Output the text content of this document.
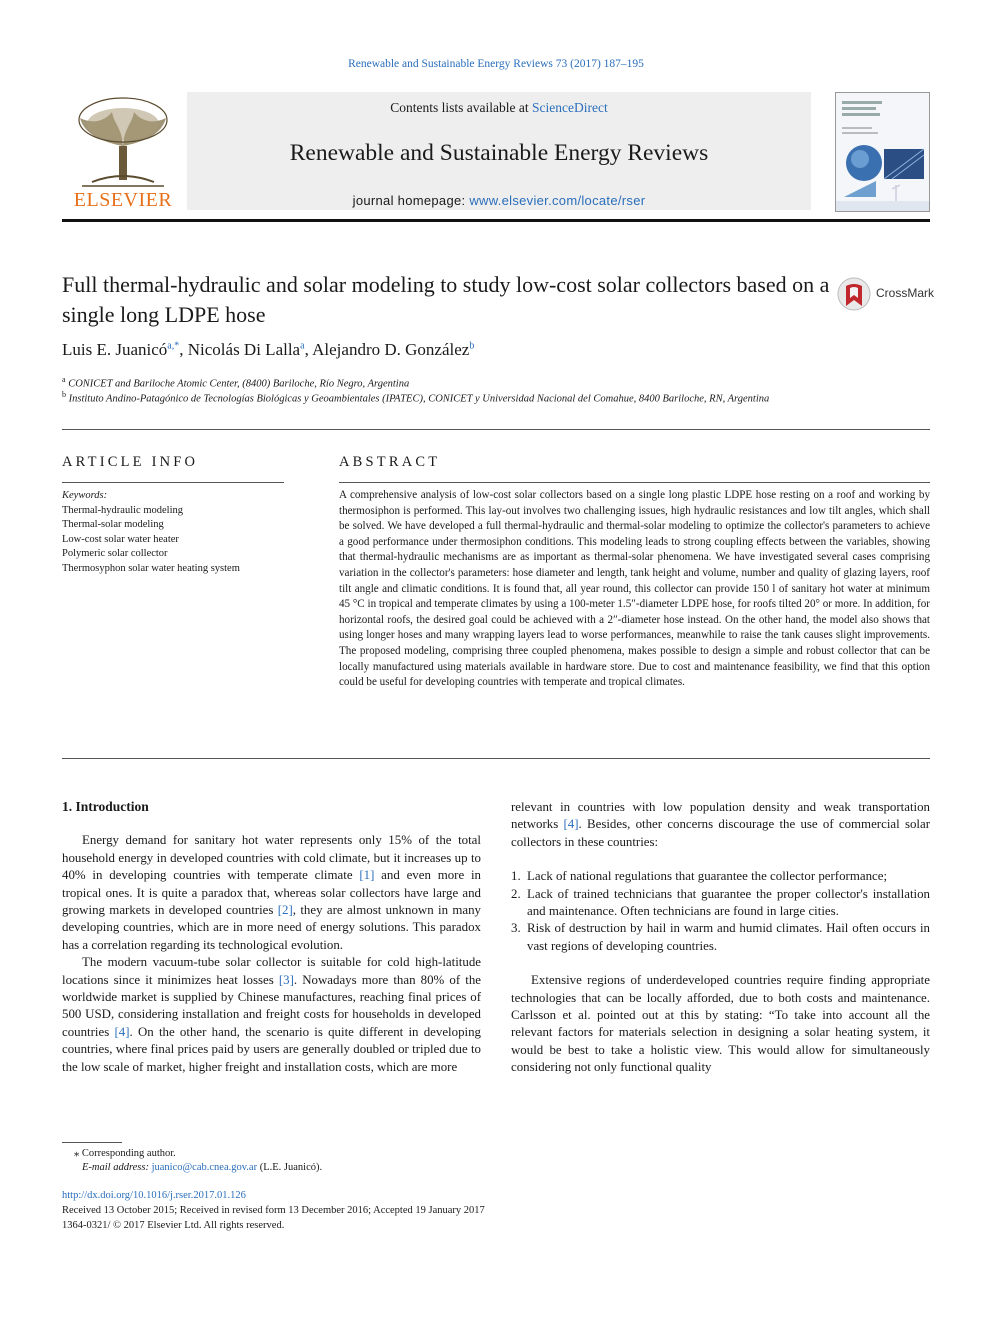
Renewable and Sustainable Energy Reviews 73 (2017) 187–195
ELSEVIER
Contents lists available at ScienceDirect
Renewable and Sustainable Energy Reviews
journal homepage: www.elsevier.com/locate/rser
Full thermal-hydraulic and solar modeling to study low-cost solar collectors based on a single long LDPE hose
CrossMark
Luis E. Juanicó$^{a,*}$, Nicolás Di Lalla$^a$, Alejandro D. González$^b$
$^a$ CONICET and Bariloche Atomic Center, (8400) Bariloche, Río Negro, Argentina
$^b$ Instituto Andino-Patagónico de Tecnologías Biológicas y Geoambientales (IPATEC), CONICET y Universidad Nacional del Comahue, 8400 Bariloche, RN, Argentina
ARTICLE INFO
Keywords:
Thermal-hydraulic modeling
Thermal-solar modeling
Low-cost solar water heater
Polymeric solar collector
Thermosyphon solar water heating system
ABSTRACT
A comprehensive analysis of low-cost solar collectors based on a single long plastic LDPE hose resting on a roof and working by thermosiphon is performed. This lay-out involves two challenging issues, high hydraulic resistances and low tilt angles, which shall be solved. We have developed a full thermal-hydraulic and thermal-solar modeling to optimize the collector's parameters to achieve a good performance under thermosiphon conditions. This modeling leads to strong coupling effects between the variables, showing that thermal-hydraulic mechanisms are as important as thermal-solar phenomena. We have investigated several cases comprising variation in the collector's parameters: hose diameter and length, tank height and volume, number and quality of glazing layers, roof tilt angle and climatic conditions. It is found that, all year round, this collector can provide 150 l of sanitary hot water at minimum 45 °C in tropical and temperate climates by using a 100-meter 1.5″-diameter LDPE hose, for roofs tilted 20° or more. In addition, for horizontal roofs, the desired goal could be achieved with a 2″-diameter hose instead. On the other hand, the model also shows that using longer hoses and many wrapping layers lead to worse performances, meanwhile to raise the tank causes slight improvements. The proposed modeling, comprising three coupled phenomena, makes possible to design a simple and robust collector that can be locally manufactured using materials available in hardware store. Due to cost and maintenance feasibility, we find that this option could be useful for developing countries with temperate and tropical climates.
1. Introduction

Energy demand for sanitary hot water represents only 15% of the total household energy in developed countries with cold climate, but it increases up to 40% in developing countries with temperate climate [1] and even more in tropical ones. It is quite a paradox that, whereas solar collectors have large and growing markets in developed countries [2], they are almost unknown in many developing countries, which are in more need of energy solutions. This paradox has a correlation regarding its technological evolution.

The modern vacuum-tube solar collector is suitable for cold high-latitude locations since it minimizes heat losses [3]. Nowadays more than 80% of the worldwide market is supplied by Chinese manufactures, reaching final prices of 500 USD, considering installation and freight costs for households in developed countries [4]. On the other hand, the scenario is quite different in developing countries, where final prices paid by users are generally doubled or tripled due to the low scale of market, higher freight and installation costs, which are more

relevant in countries with low population density and weak transportation networks [4]. Besides, other concerns discourage the use of commercial solar collectors in these countries:

1. Lack of national regulations that guarantee the collector performance;
2. Lack of trained technicians that guarantee the proper collector's installation and maintenance. Often technicians are found in large cities.
3. Risk of destruction by hail in warm and humid climates. Hail often occurs in vast regions of developing countries.

Extensive regions of underdeveloped countries require finding appropriate technologies that can be locally afforded, due to both costs and maintenance. Carlsson et al. pointed out at this by stating: “To take into account all the relevant factors for materials selection in designing a solar heating system, it would be best to take a holistic view. This would allow for simultaneously considering not only functional quality

⁎ Corresponding author.
E-mail address: juanico@cab.cnea.gov.ar (L.E. Juanicó).
http://dx.doi.org/10.1016/j.rser.2017.01.126
Received 13 October 2015; Received in revised form 13 December 2016; Accepted 19 January 2017
1364-0321/ © 2017 Elsevier Ltd. All rights reserved.
